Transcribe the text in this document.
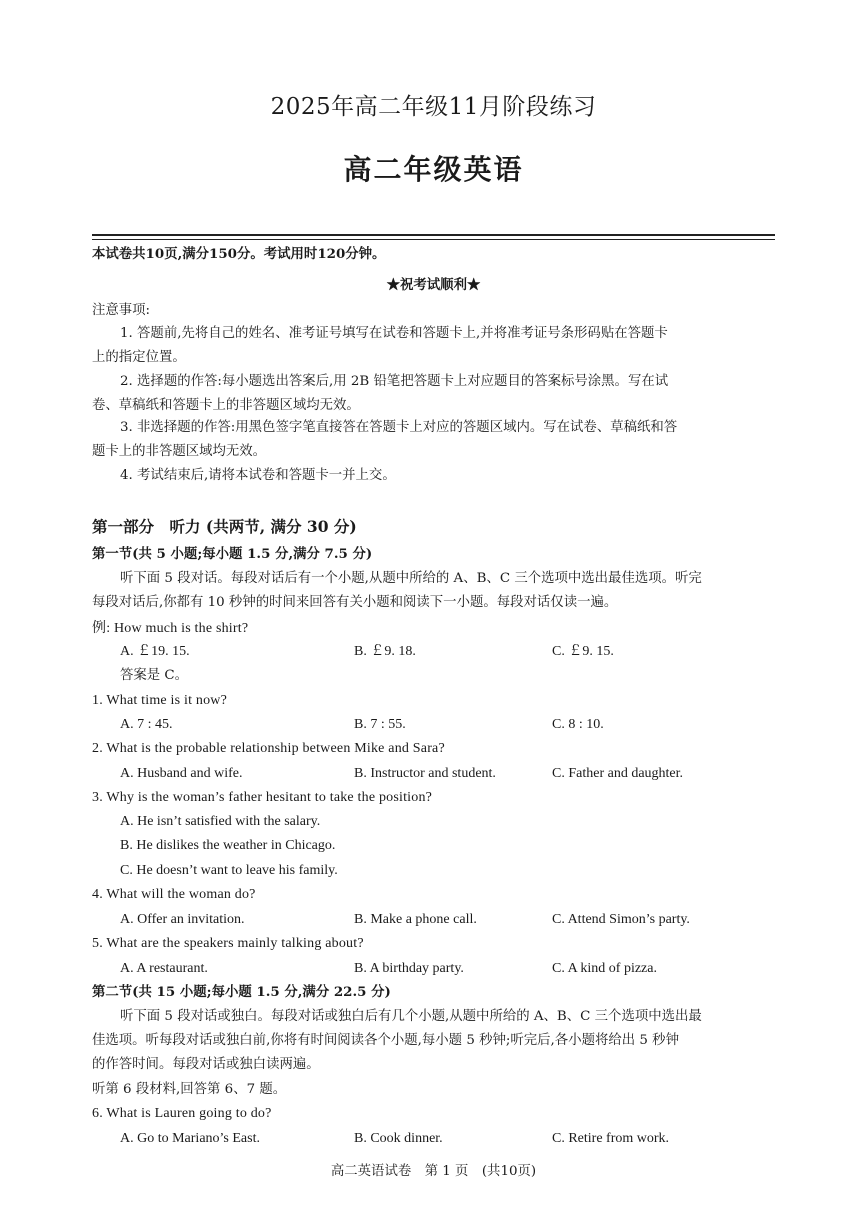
2025年高二年级11月阶段练习
高二年级英语
本试卷共10页,满分150分。考试用时120分钟。
★祝考试顺利★
注意事项:
1. 答题前,先将自己的姓名、准考证号填写在试卷和答题卡上,并将准考证号条形码贴在答题卡
上的指定位置。
2. 选择题的作答:每小题选出答案后,用 2B 铅笔把答题卡上对应题目的答案标号涂黑。写在试
卷、草稿纸和答题卡上的非答题区域均无效。
3. 非选择题的作答:用黑色签字笔直接答在答题卡上对应的答题区域内。写在试卷、草稿纸和答
题卡上的非答题区域均无效。
4. 考试结束后,请将本试卷和答题卡一并上交。
第一部分　听力 (共两节, 满分 30 分)
第一节(共 5 小题;每小题 1.5 分,满分 7.5 分)
听下面 5 段对话。每段对话后有一个小题,从题中所给的 A、B、C 三个选项中选出最佳选项。听完
每段对话后,你都有 10 秒钟的时间来回答有关小题和阅读下一小题。每段对话仅读一遍。
例: How much is the shirt?
A. ￡19. 15.	B. ￡9. 18.	C. ￡9. 15.
答案是 C。
1. What time is it now?
A. 7 : 45.	B. 7 : 55.	C. 8 : 10.
2. What is the probable relationship between Mike and Sara?
A. Husband and wife.	B. Instructor and student.	C. Father and daughter.
3. Why is the woman’s father hesitant to take the position?
A. He isn’t satisfied with the salary.
B. He dislikes the weather in Chicago.
C. He doesn’t want to leave his family.
4. What will the woman do?
A. Offer an invitation.	B. Make a phone call.	C. Attend Simon’s party.
5. What are the speakers mainly talking about?
A. A restaurant.	B. A birthday party.	C. A kind of pizza.
第二节(共 15 小题;每小题 1.5 分,满分 22.5 分)
听下面 5 段对话或独白。每段对话或独白后有几个小题,从题中所给的 A、B、C 三个选项中选出最
佳选项。听每段对话或独白前,你将有时间阅读各个小题,每小题 5 秒钟;听完后,各小题将给出 5 秒钟
的作答时间。每段对话或独白读两遍。
听第 6 段材料,回答第 6、7 题。
6. What is Lauren going to do?
A. Go to Mariano’s East.	B. Cook dinner.	C. Retire from work.
高二英语试卷　第 1 页　(共10页)
